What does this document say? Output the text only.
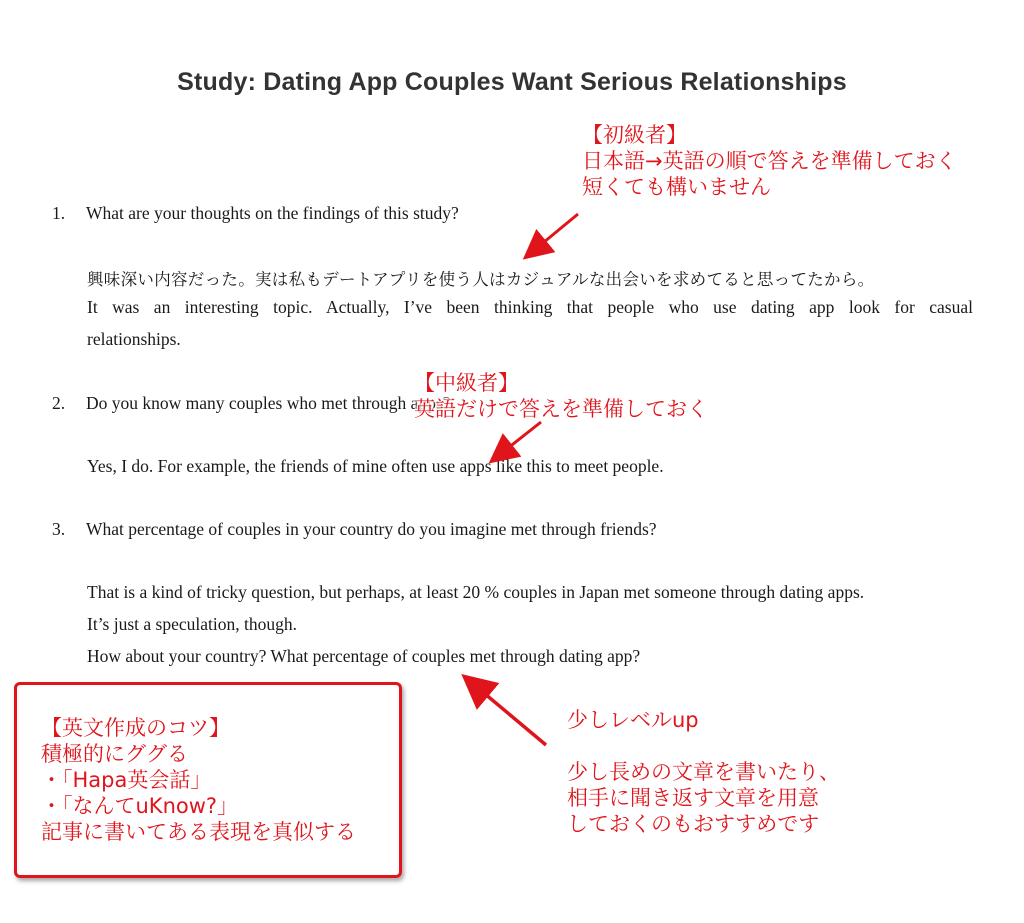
Study: Dating App Couples Want Serious Relationships
1. What are your thoughts on the findings of this study?
興味深い内容だった。実は私もデートアプリを使う人はカジュアルな出会いを求めてると思ってたから。
It was an interesting topic. Actually, I’ve been thinking that people who use dating app look for casual
relationships.
2. Do you know many couples who met through apps?
Yes, I do. For example, the friends of mine often use apps like this to meet people.
3. What percentage of couples in your country do you imagine met through friends?
That is a kind of tricky question, but perhaps, at least 20 % couples in Japan met someone through dating apps.
It’s just a speculation, though.
How about your country? What percentage of couples met through dating app?
【初級者】
日本語→英語の順で答えを準備しておく
短くても構いません
【中級者】
英語だけで答えを準備しておく
少しレベルup
少し長めの文章を書いたり、
相手に聞き返す文章を用意
しておくのもおすすめです
【英文作成のコツ】
積極的にググる
・「Hapa英会話」
・「なんてuKnow?」
記事に書いてある表現を真似する
